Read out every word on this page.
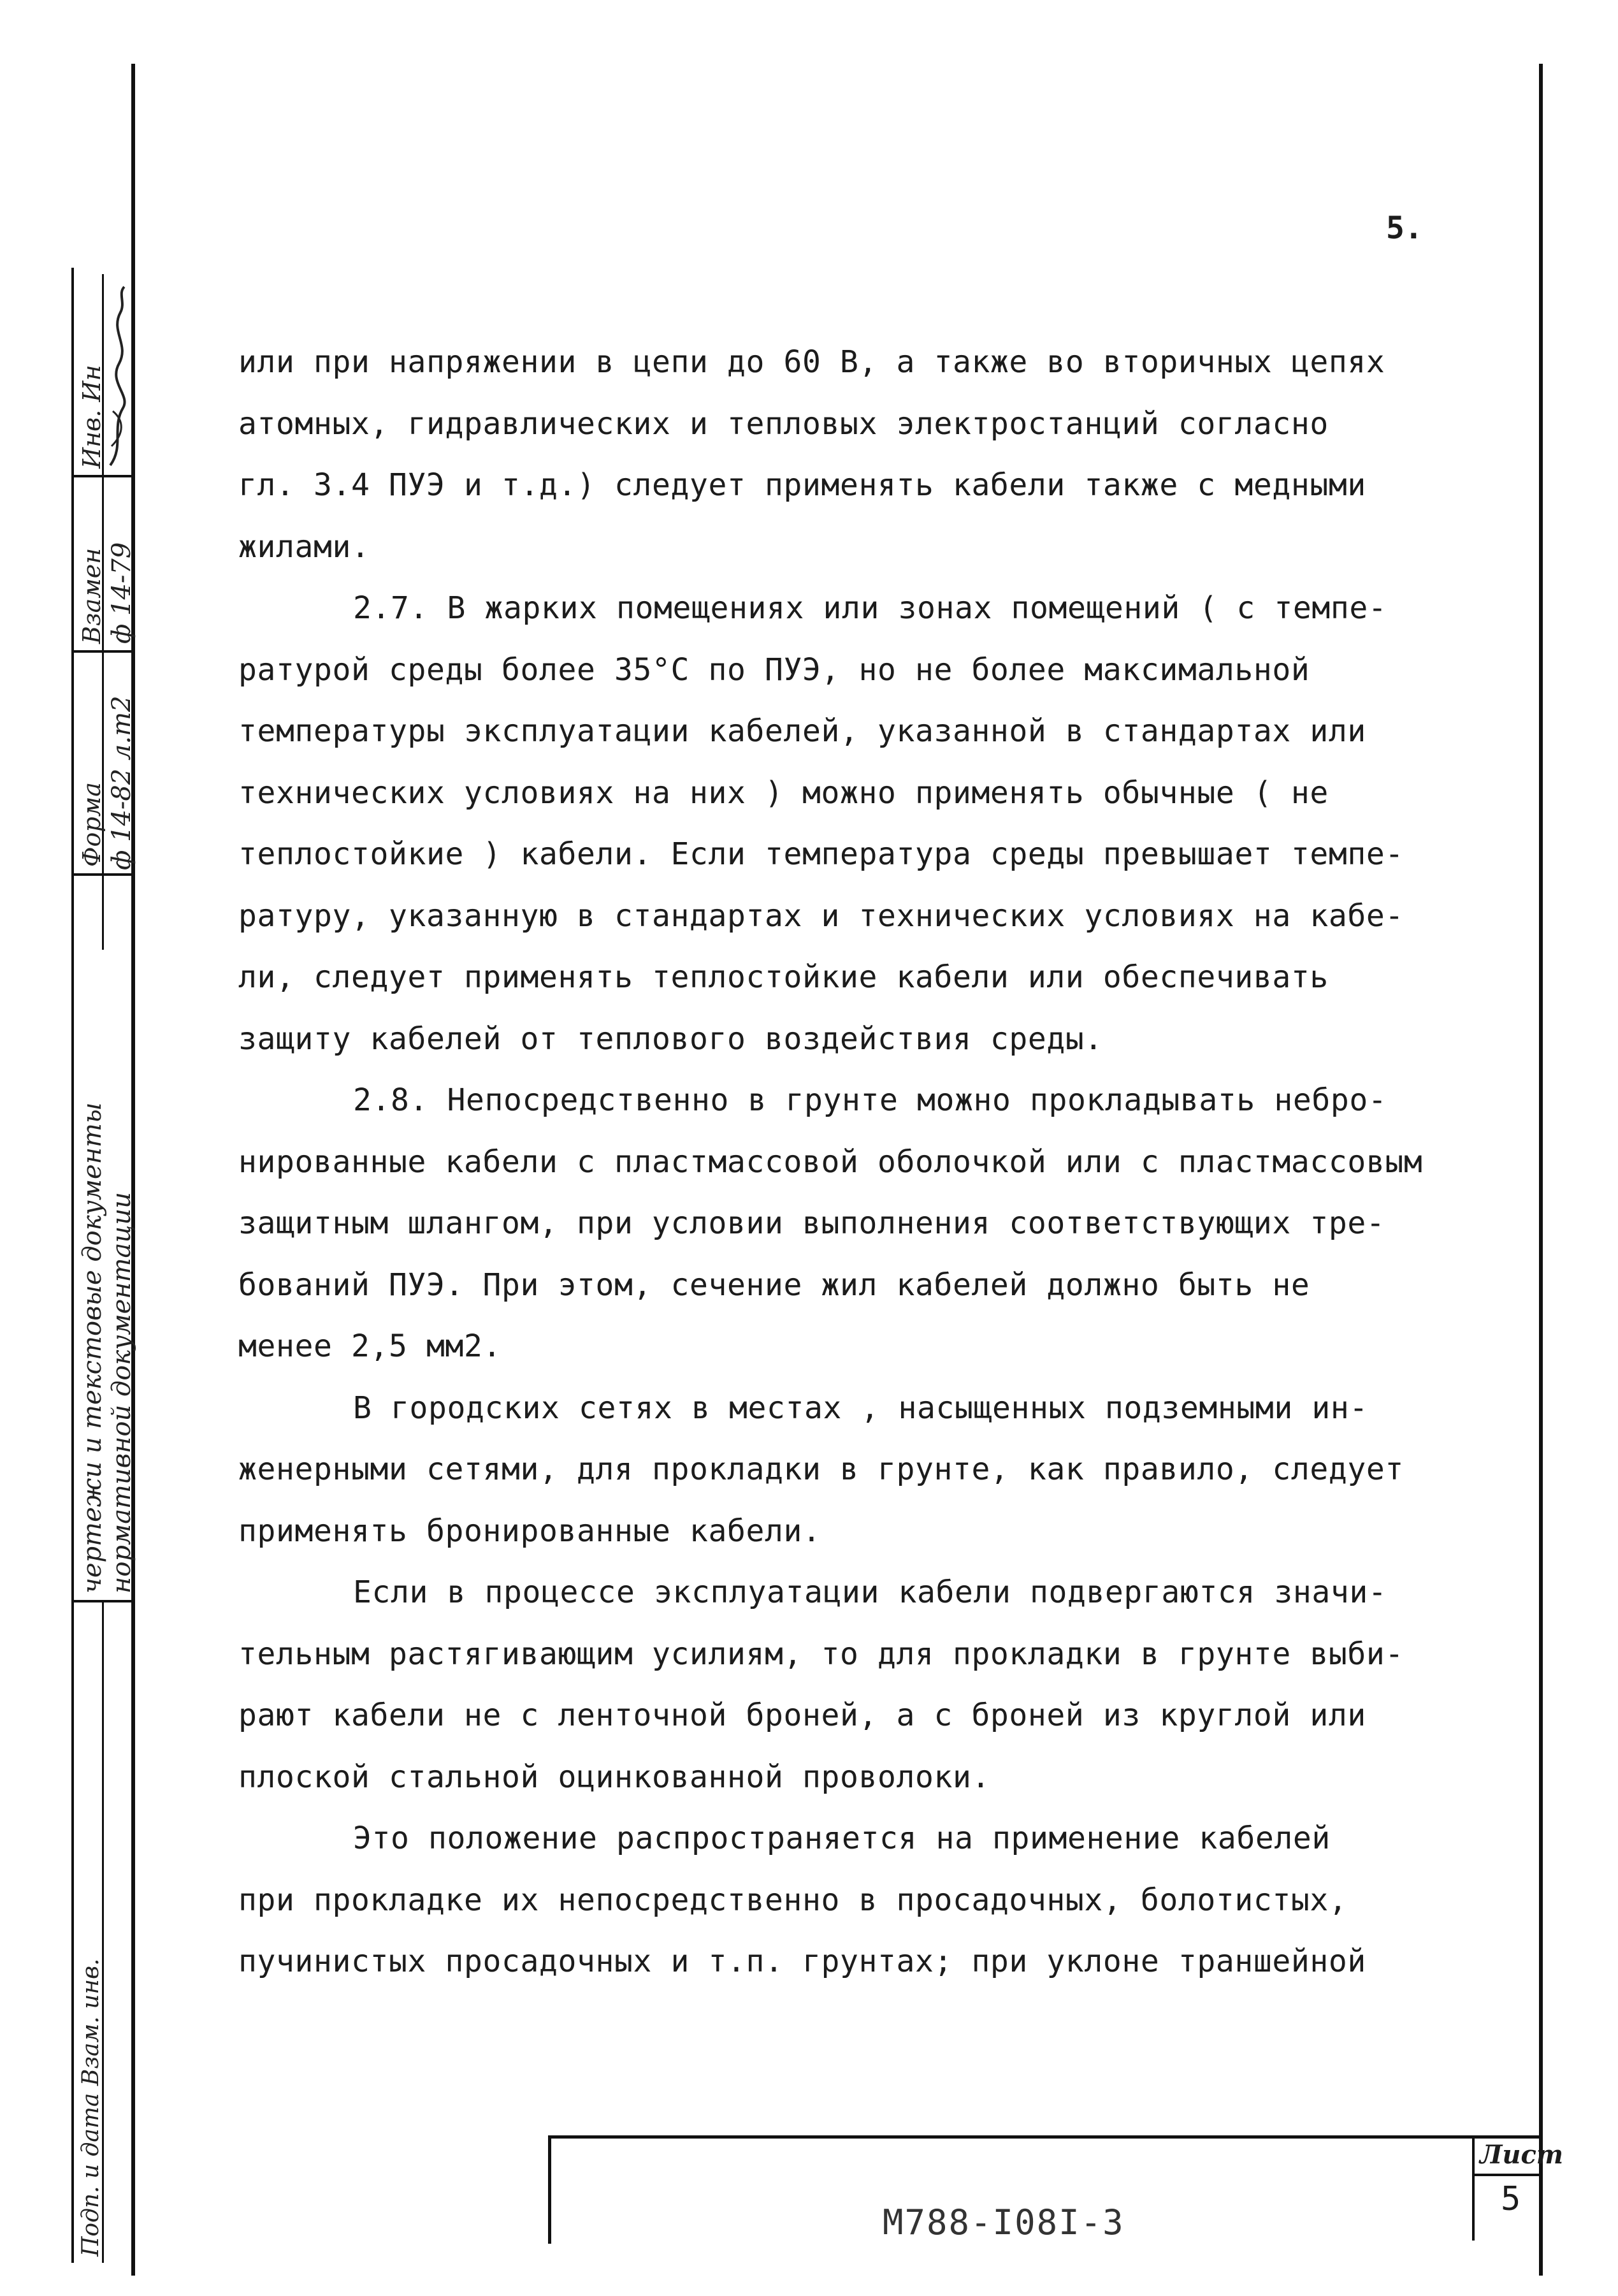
Форма ф 14-82 л.т2
Взамен ф 14-79
Инв. Ин
чертежи и текстовые документы нормативной документации
Подп. и дата Взам. инв.
5.

или при напряжении в цепи до 60 В, а также во вторичных цепях
атомных, гидравлических и тепловых электростанций согласно
гл. 3.4 ПУЭ и т.д.) следует применять кабели также с медными
жилами.

2.7. В жарких помещениях или зонах помещений ( с темпе-
ратурой среды более 35°С по ПУЭ, но не более максимальной
температуры эксплуатации кабелей, указанной в стандартах или
технических условиях на них ) можно применять обычные ( не
теплостойкие ) кабели. Если температура среды превышает темпе-
ратуру, указанную в стандартах и технических условиях на кабе-
ли, следует применять теплостойкие кабели или обеспечивать
защиту кабелей от теплового воздействия среды.

2.8. Непосредственно в грунте можно прокладывать небро-
нированные кабели с пластмассовой оболочкой или с пластмассовым
защитным шлангом, при условии выполнения соответствующих тре-
бований ПУЭ. При этом, сечение жил кабелей должно быть не
менее 2,5 мм2.

В городских сетях в местах , насыщенных подземными ин-
женерными сетями, для прокладки в грунте, как правило, следует
применять бронированные кабели.

Если в процессе эксплуатации кабели подвергаются значи-
тельным растягивающим усилиям, то для прокладки в грунте выби-
рают кабели не с ленточной броней, а с броней из круглой или
плоской стальной оцинкованной проволоки.

Это положение распространяется на применение кабелей
при прокладке их непосредственно в просадочных, болотистых,
пучинистых просадочных и т.п. грунтах; при уклоне траншейной

М788-I08I-3
Лист
5
